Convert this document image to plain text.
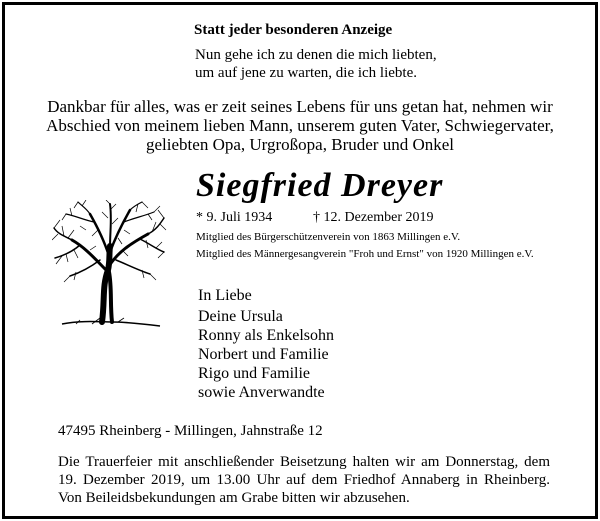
Statt jeder besonderen Anzeige
Nun gehe ich zu denen die mich liebten,
um auf jene zu warten, die ich liebte.
Dankbar für alles, was er zeit seines Lebens für uns getan hat, nehmen wir
Abschied von meinem lieben Mann, unserem guten Vater, Schwiegervater,
geliebten Opa, Urgroßopa, Bruder und Onkel
Siegfried Dreyer
* 9. Juli 1934	† 12. Dezember 2019
Mitglied des Bürgerschützenverein von 1863 Millingen e.V.
Mitglied des Männergesangverein "Froh und Ernst" von 1920 Millingen e.V.
In Liebe
Deine Ursula
Ronny als Enkelsohn
Norbert und Familie
Rigo und Familie
sowie Anverwandte
47495 Rheinberg - Millingen, Jahnstraße 12
Die Trauerfeier mit anschließender Beisetzung halten wir am Donnerstag, dem
19. Dezember 2019, um 13.00 Uhr auf dem Friedhof Annaberg in Rheinberg.
Von Beileidsbekundungen am Grabe bitten wir abzusehen.
